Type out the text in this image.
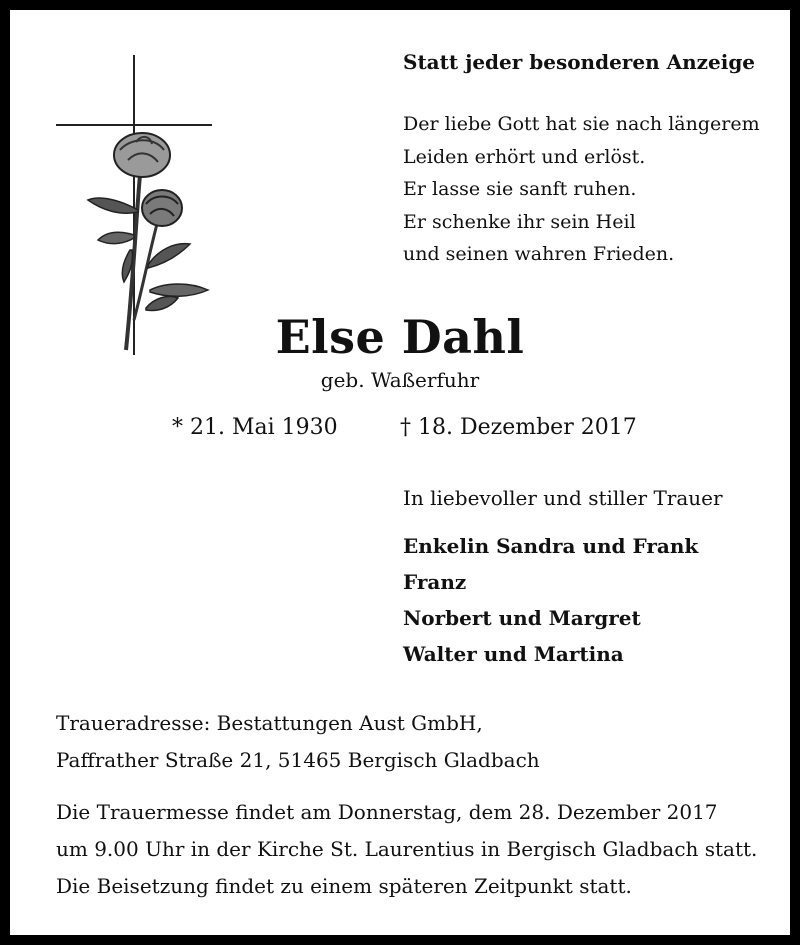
Statt jeder besonderen Anzeige
Der liebe Gott hat sie nach längerem
Leiden erhört und erlöst.
Er lasse sie sanft ruhen.
Er schenke ihr sein Heil
und seinen wahren Frieden.
Else Dahl
geb. Waßerfuhr
* 21. Mai 1930	† 18. Dezember 2017
In liebevoller und stiller Trauer
Enkelin Sandra und Frank
Franz
Norbert und Margret
Walter und Martina
Traueradresse: Bestattungen Aust GmbH,
Paffrather Straße 21, 51465 Bergisch Gladbach
Die Trauermesse findet am Donnerstag, dem 28. Dezember 2017
um 9.00 Uhr in der Kirche St. Laurentius in Bergisch Gladbach statt.
Die Beisetzung findet zu einem späteren Zeitpunkt statt.
